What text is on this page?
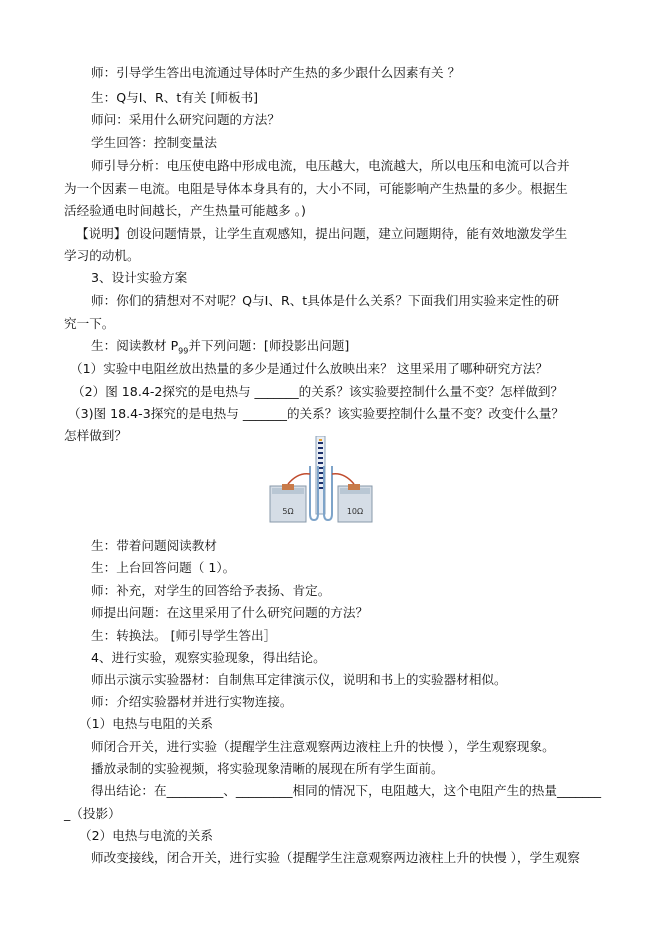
师：引导学生答出电流通过导体时产生热的多少跟什么因素有关 ？
生：Q与I、R、t有关 [师板书]
师问：采用什么研究问题的方法？
学生回答：控制变量法
师引导分析：电压使电路中形成电流，电压越大，电流越大，所以电压和电流可以合并
为一个因素－电流。电阻是导体本身具有的，大小不同，可能影响产生热量的多少。根据生
活经验通电时间越长，产生热量可能越多 。)
【说明】创设问题情景，让学生直观感知，提出问题，建立问题期待，能有效地激发学生
学习的动机。
3、设计实验方案
师：你们的猜想对不对呢？Q与I、R、t具体是什么关系？下面我们用实验来定性的研
究一下。
生：阅读教材 $P_{99}$并下列问题：[师投影出问题]
（1）实验中电阻丝放出热量的多少是通过什么放映出来？ 这里采用了哪种研究方法？
（2）图 18.4-2探究的是电热与 _______的关系？该实验要控制什么量不变？怎样做到？
（3)图 18.4-3探究的是电热与 _______的关系？该实验要控制什么量不变？改变什么量？
怎样做到？
5Ω	10Ω
生：带着问题阅读教材
生：上台回答问题（ 1）。
师：补充，对学生的回答给予表扬、肯定。
师提出问题：在这里采用了什么研究问题的方法？
生：转换法。 [师引导学生答出］
4、进行实验，观察实验现象，得出结论。
师出示演示实验器材：自制焦耳定律演示仪，说明和书上的实验器材相似。
师：介绍实验器材并进行实物连接。
（1）电热与电阻的关系
师闭合开关，进行实验（提醒学生注意观察两边液柱上升的快慢 ），学生观察现象。
播放录制的实验视频，将实验现象清晰的展现在所有学生面前。
得出结论：在_________、_________相同的情况下，电阻越大，这个电阻产生的热量_______
_（投影）
（2）电热与电流的关系
师改变接线，闭合开关，进行实验（提醒学生注意观察两边液柱上升的快慢 ），学生观察
